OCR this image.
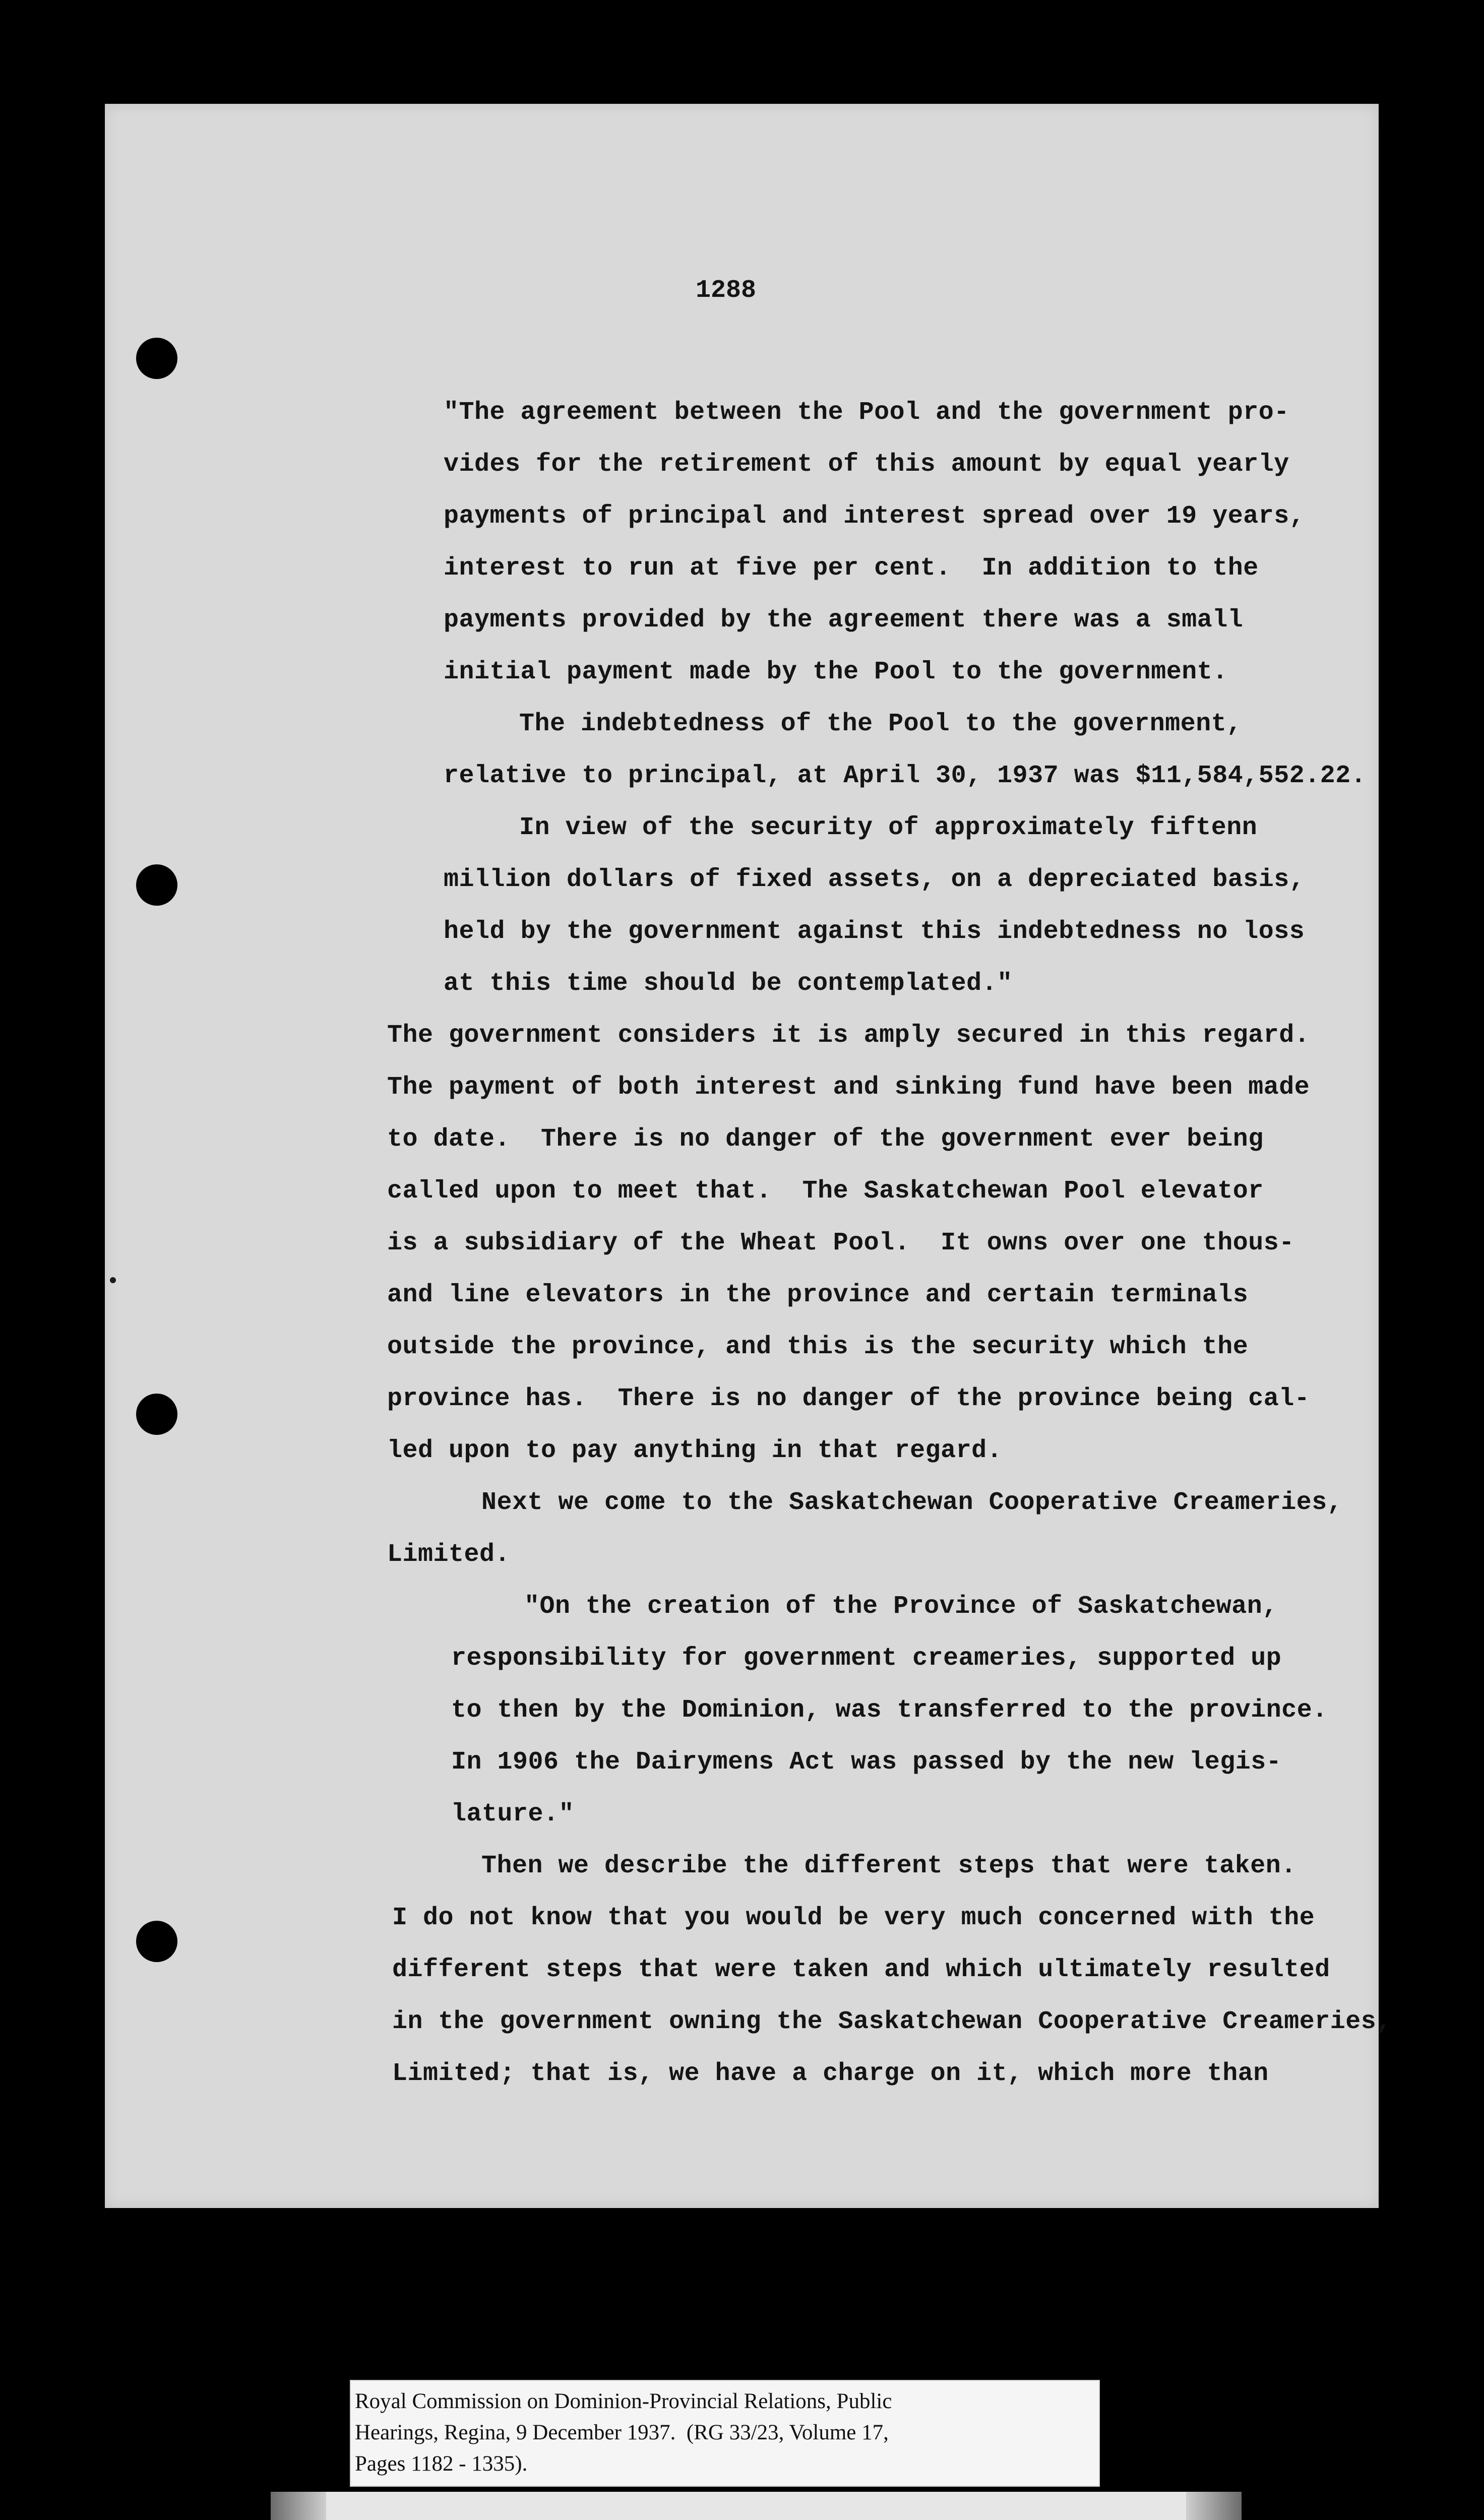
1288
"The agreement between the Pool and the government pro-
vides for the retirement of this amount by equal yearly
payments of principal and interest spread over 19 years,
interest to run at five per cent.  In addition to the
payments provided by the agreement there was a small
initial payment made by the Pool to the government.
The indebtedness of the Pool to the government,
relative to principal, at April 30, 1937 was $11,584,552.22.
In view of the security of approximately fiftenn
million dollars of fixed assets, on a depreciated basis,
held by the government against this indebtedness no loss
at this time should be contemplated."
The government considers it is amply secured in this regard.
The payment of both interest and sinking fund have been made
to date.  There is no danger of the government ever being
called upon to meet that.  The Saskatchewan Pool elevator
is a subsidiary of the Wheat Pool.  It owns over one thous-
and line elevators in the province and certain terminals
outside the province, and this is the security which the
province has.  There is no danger of the province being cal-
led upon to pay anything in that regard.
Next we come to the Saskatchewan Cooperative Creameries,
Limited.
"On the creation of the Province of Saskatchewan,
responsibility for government creameries, supported up
to then by the Dominion, was transferred to the province.
In 1906 the Dairymens Act was passed by the new legis-
lature."
Then we describe the different steps that were taken.
I do not know that you would be very much concerned with the
different steps that were taken and which ultimately resulted
in the government owning the Saskatchewan Cooperative Creameries,
Limited; that is, we have a charge on it, which more than
Royal Commission on Dominion-Provincial Relations, Public
Hearings, Regina, 9 December 1937.  (RG 33/23, Volume 17,
Pages 1182 - 1335).
